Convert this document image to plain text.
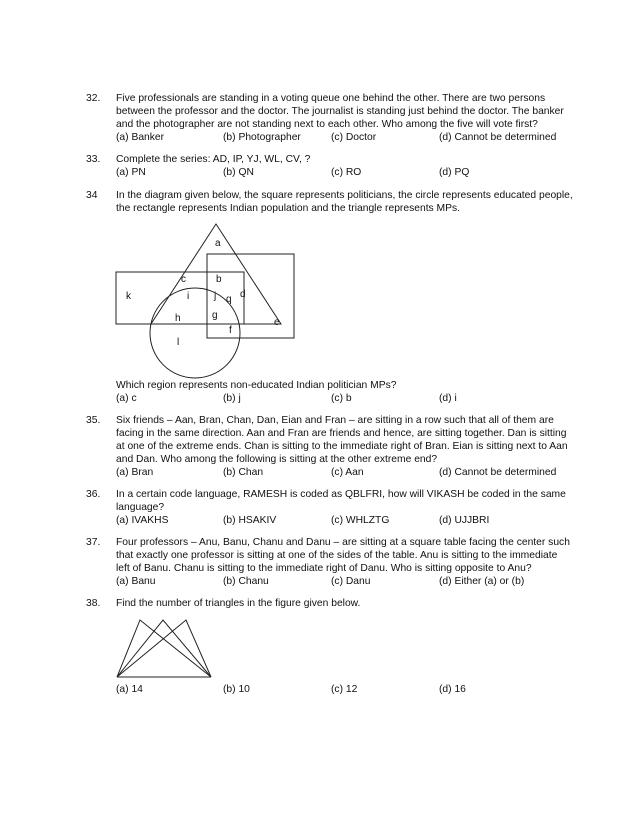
32. Five professionals are standing in a voting queue one behind the other. There are two persons
between the professor and the doctor. The journalist is standing just behind the doctor. The banker
and the photographer are not standing next to each other. Who among the five will vote first?
(a) Banker	(b) Photographer	(c) Doctor	(d) Cannot be determined
33. Complete the series: AD, IP, YJ, WL, CV, ?
(a) PN	(b) QN	(c) RO	(d) PQ
34 In the diagram given below, the square represents politicians, the circle represents educated people,
the rectangle represents Indian population and the triangle represents MPs.
Which region represents non-educated Indian politician MPs?
(a) c	(b) j	(c) b	(d) i
a
c	b
k	i j q d
h	g
e
f
l
35. Six friends – Aan, Bran, Chan, Dan, Eian and Fran – are sitting in a row such that all of them are
facing in the same direction. Aan and Fran are friends and hence, are sitting together. Dan is sitting
at one of the extreme ends. Chan is sitting to the immediate right of Bran. Eian is sitting next to Aan
and Dan. Who among the following is sitting at the other extreme end?
(a) Bran	(b) Chan	(c) Aan	(d) Cannot be determined
36. In a certain code language, RAMESH is coded as QBLFRI, how will VIKASH be coded in the same
language?
(a) IVAKHS	(b) HSAKIV	(c) WHLZTG	(d) UJJBRI
37. Four professors – Anu, Banu, Chanu and Danu – are sitting at a square table facing the center such
that exactly one professor is sitting at one of the sides of the table. Anu is sitting to the immediate
left of Banu. Chanu is sitting to the immediate right of Danu. Who is sitting opposite to Anu?
(a) Banu	(b) Chanu	(c) Danu	(d) Either (a) or (b)
38. Find the number of triangles in the figure given below.
(a) 14	(b) 10	(c) 12	(d) 16
